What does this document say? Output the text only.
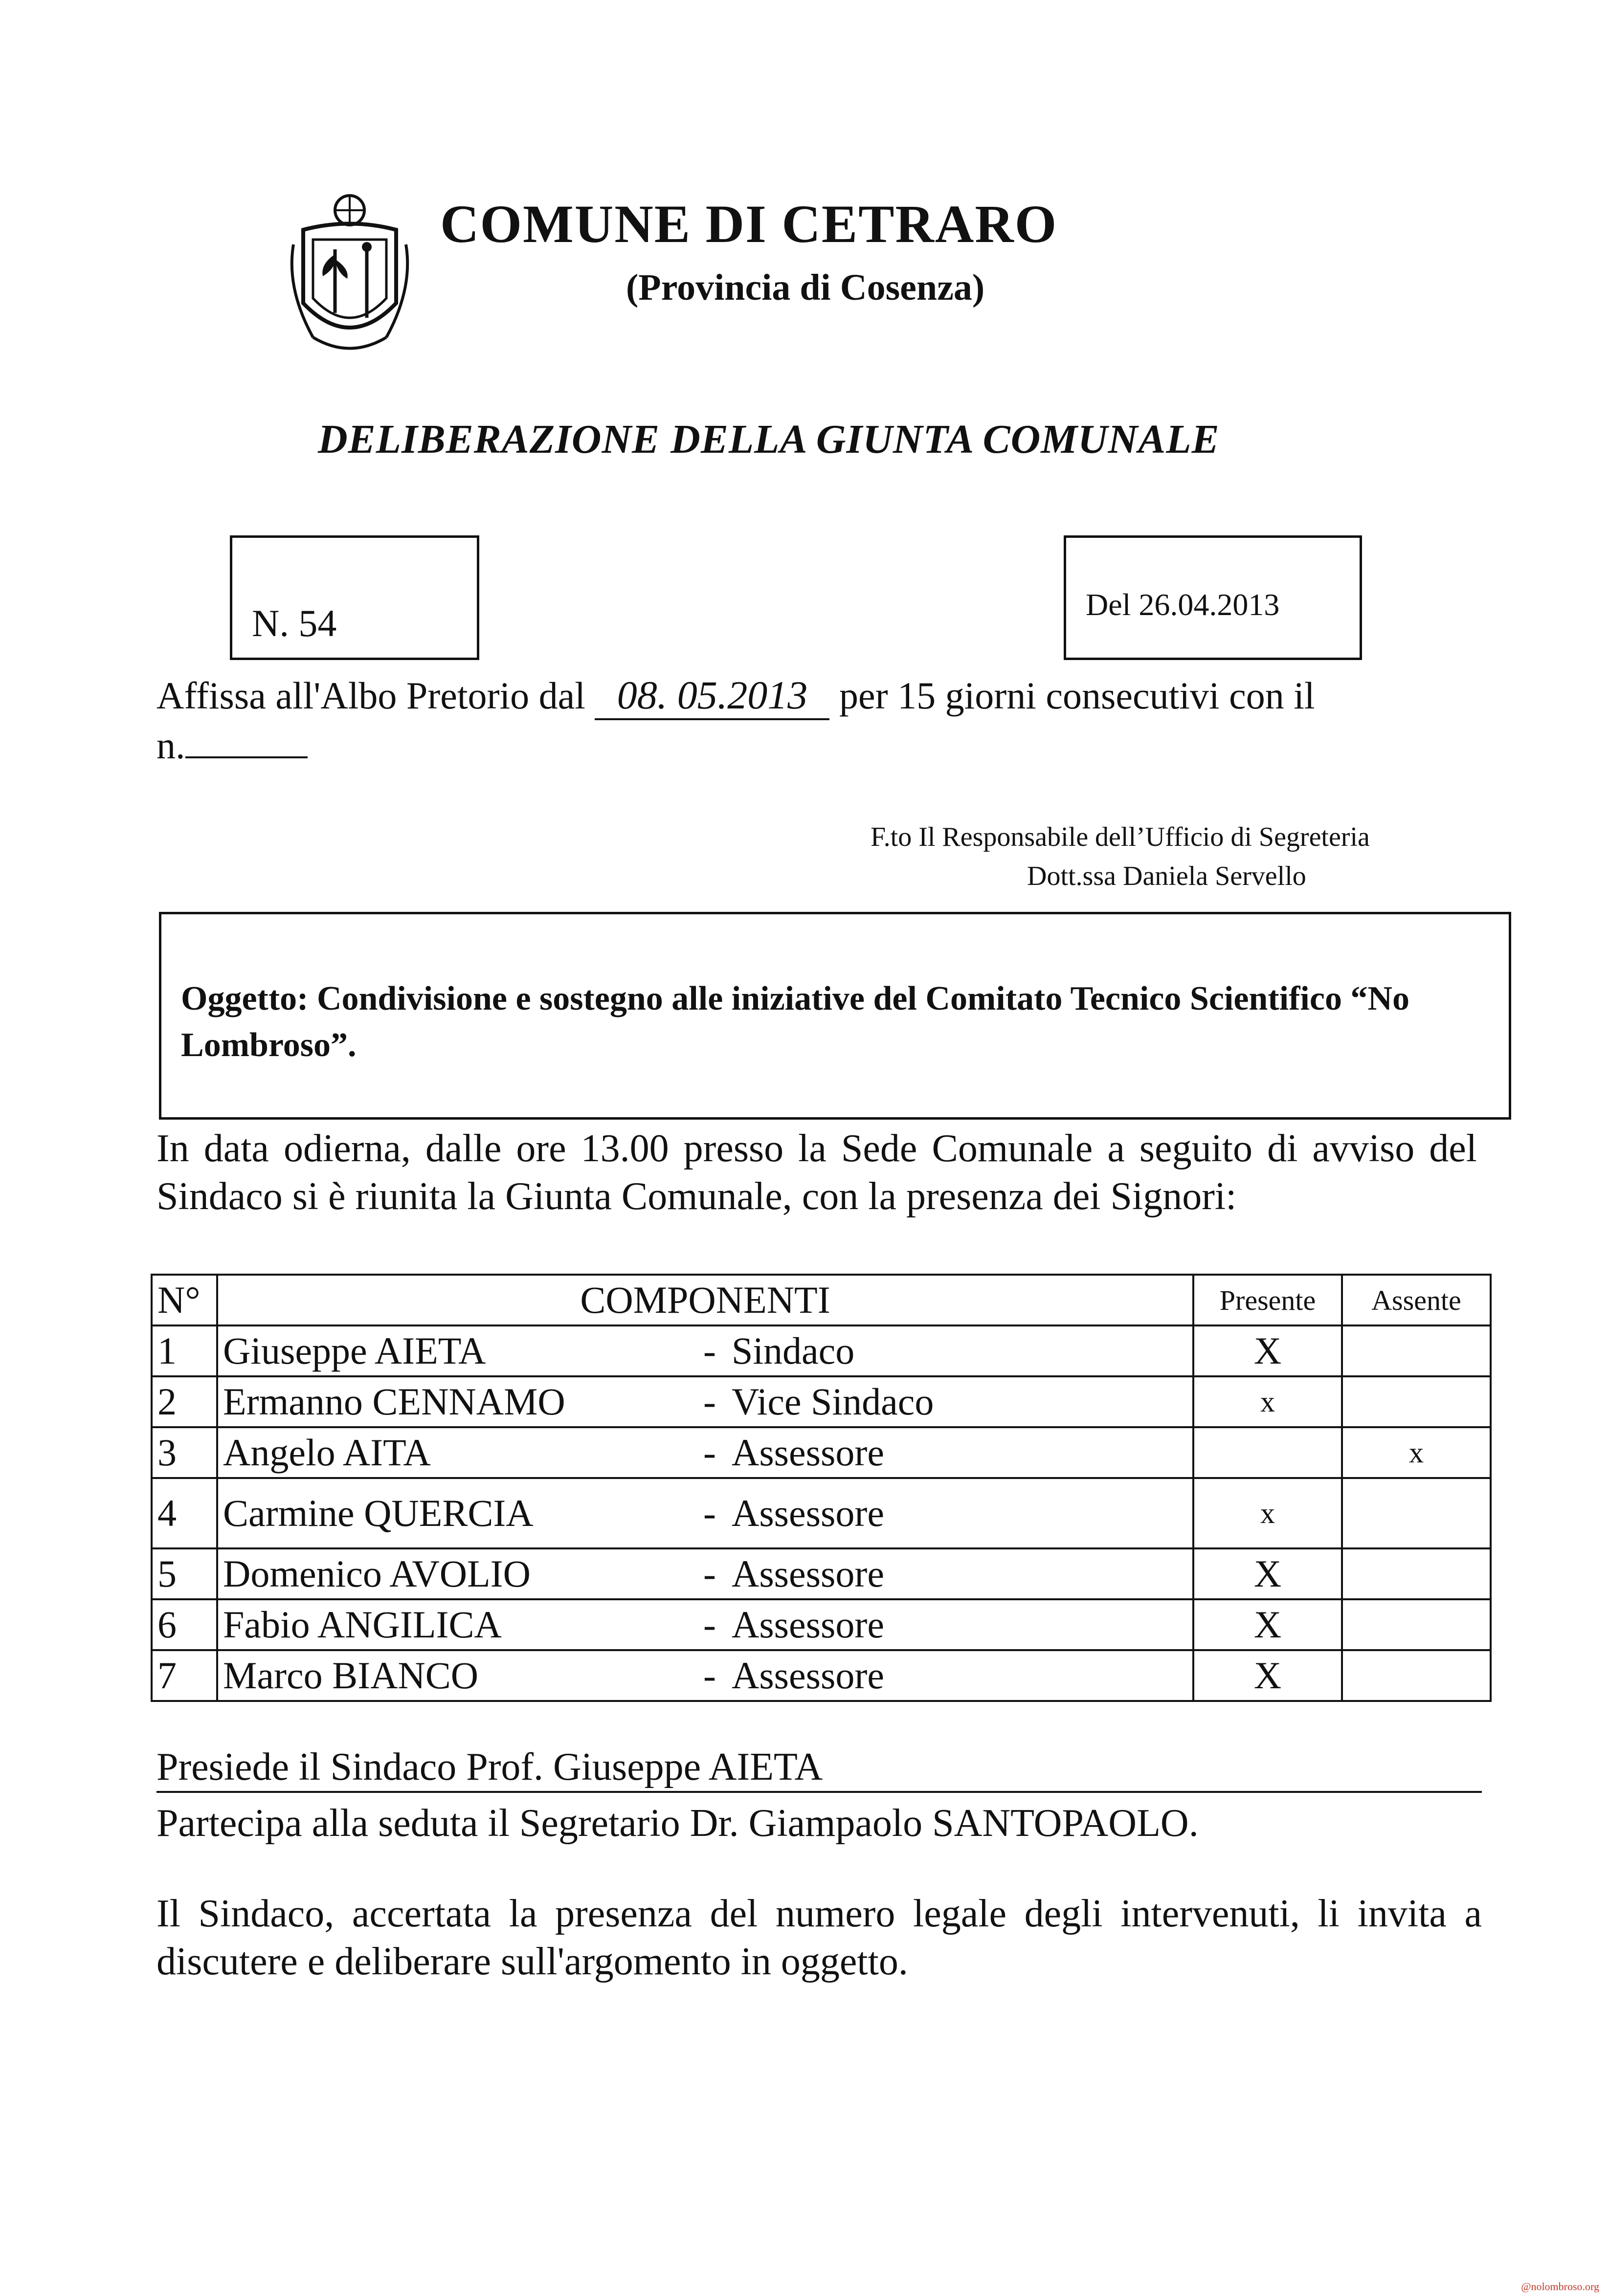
COMUNE DI CETRARO
(Provincia di Cosenza)
DELIBERAZIONE DELLA GIUNTA COMUNALE
N. 54	Del 26.04.2013
Affissa all'Albo Pretorio dal 08. 05.2013 per 15 giorni consecutivi con il
n.
F.to Il Responsabile dell’Ufficio di Segreteria
Dott.ssa Daniela Servello
Oggetto: Condivisione e sostegno alle iniziative del Comitato Tecnico Scientifico “No Lombroso”.
In data odierna, dalle ore 13.00 presso la Sede Comunale a seguito di avviso del Sindaco si è riunita la Giunta Comunale, con la presenza dei Signori:
N°	COMPONENTI	Presente	Assente
1	Giuseppe AIETA - Sindaco	X	
2	Ermanno CENNAMO - Vice Sindaco	x	
3	Angelo AITA - Assessore		x
4	Carmine QUERCIA - Assessore	x	
5	Domenico AVOLIO - Assessore	X	
6	Fabio ANGILICA - Assessore	X	
7	Marco BIANCO - Assessore	X	
Presiede il Sindaco Prof. Giuseppe AIETA
Partecipa alla seduta il Segretario Dr. Giampaolo SANTOPAOLO.
Il Sindaco, accertata la presenza del numero legale degli intervenuti, li invita a discutere e deliberare sull'argomento in oggetto.
@nolombroso.org
